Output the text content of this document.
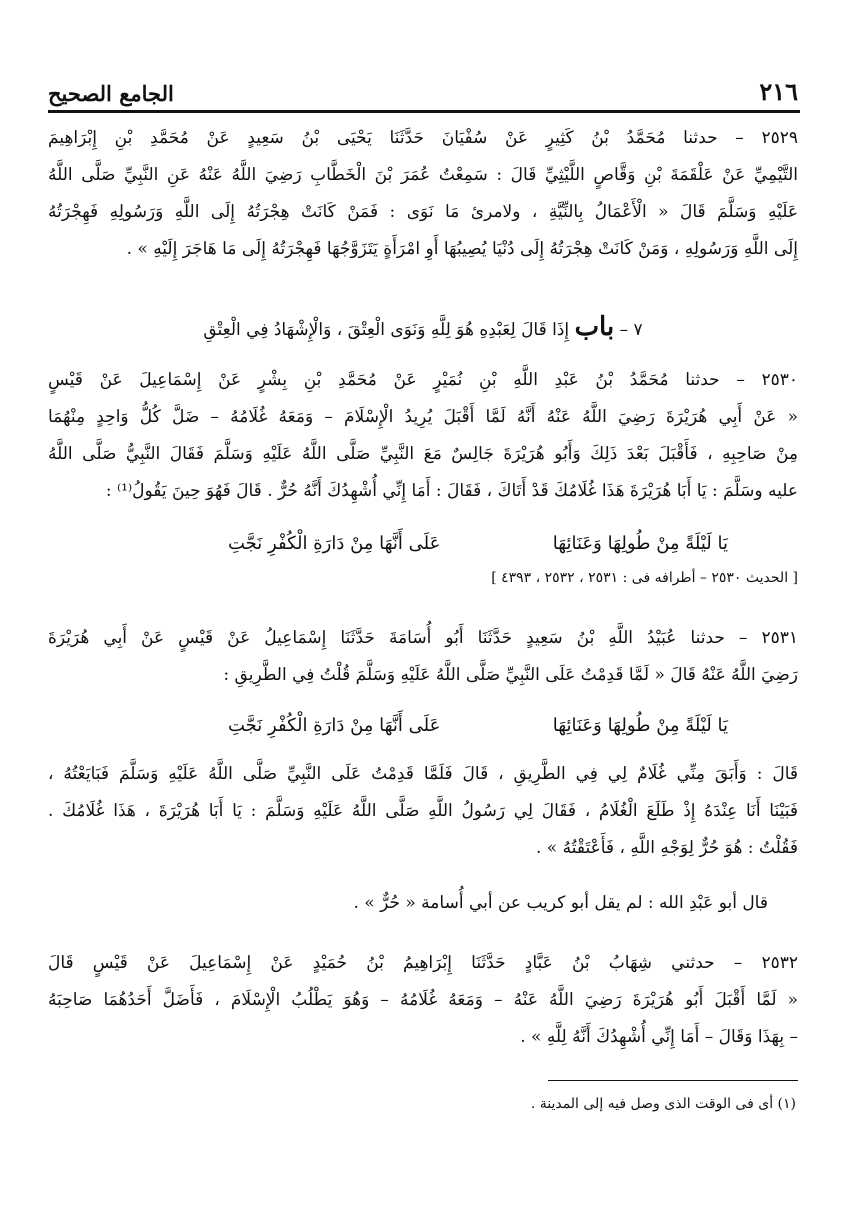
٢١٦
الجامع الصحيح
٢٥٢٩ – حدثنا مُحَمَّدُ بْنُ كَثِيرٍ عَنْ سُفْيَانَ حَدَّثَنَا يَحْيَى بْنُ سَعِيدٍ عَنْ مُحَمَّدِ بْنِ إِبْرَاهِيمَ
التَّيْمِيِّ عَنْ عَلْقَمَةَ بْنِ وَقَّاصٍ اللَّيْثِيِّ قَالَ : سَمِعْتُ عُمَرَ بْنَ الْخَطَّابِ رَضِيَ اللَّهُ عَنْهُ عَنِ النَّبِيِّ صَلَّى اللَّهُ
عَلَيْهِ وَسَلَّمَ قَالَ « الْأَعْمَالُ بِالنِّيَّةِ ، ولامرئ مَا نَوَى : فَمَنْ كَانَتْ هِجْرَتُهُ إِلَى اللَّهِ وَرَسُولِهِ فَهِجْرَتُهُ
إِلَى اللَّهِ وَرَسُولِهِ ، وَمَنْ كَانَتْ هِجْرَتُهُ إِلَى دُنْيَا يُصِيبُهَا أَوِ امْرَأَةٍ يَتَزَوَّجُهَا فَهِجْرَتُهُ إِلَى مَا هَاجَرَ إِلَيْهِ » .
٧ – باب إِذَا قَالَ لِعَبْدِهِ هُوَ لِلَّهِ وَنَوَى الْعِتْقَ ، وَالْإِشْهَادُ فِي الْعِتْقِ
٢٥٣٠ – حدثنا مُحَمَّدُ بْنُ عَبْدِ اللَّهِ بْنِ نُمَيْرٍ عَنْ مُحَمَّدِ بْنِ بِشْرٍ عَنْ إِسْمَاعِيلَ عَنْ قَيْسٍ
« عَنْ أَبِي هُرَيْرَةَ رَضِيَ اللَّهُ عَنْهُ أَنَّهُ لَمَّا أَقْبَلَ يُرِيدُ الْإِسْلَامَ – وَمَعَهُ غُلَامُهُ – ضَلَّ كُلُّ وَاحِدٍ مِنْهُمَا
مِنْ صَاحِبِهِ ، فَأَقْبَلَ بَعْدَ ذَلِكَ وَأَبُو هُرَيْرَةَ جَالِسٌ مَعَ النَّبِيِّ صَلَّى اللَّهُ عَلَيْهِ وَسَلَّمَ فَقَالَ النَّبِيُّ صَلَّى اللَّهُ
عليه وسَلَّمَ : يَا أَبَا هُرَيْرَةَ هَذَا غُلَامُكَ قَدْ أَتَاكَ ، فَقَالَ : أَمَا إِنِّي أُشْهِدُكَ أَنَّهُ حُرٌّ . قَالَ فَهُوَ حِينَ يَقُولُ⁽¹⁾ :
يَا لَيْلَةً مِنْ طُولِهَا وَعَنَائِهَا
عَلَى أَنَّهَا مِنْ دَارَةِ الْكُفْرِ نَجَّتِ
[ الحديث ٢٥٣٠ – أطرافه فى : ٢٥٣١ ، ٢٥٣٢ ، ٤٣٩٣ ]
٢٥٣١ – حدثنا عُبَيْدُ اللَّهِ بْنُ سَعِيدٍ حَدَّثَنَا أَبُو أُسَامَةَ حَدَّثَنَا إِسْمَاعِيلُ عَنْ قَيْسٍ عَنْ أَبِي هُرَيْرَةَ
رَضِيَ اللَّهُ عَنْهُ قَالَ « لَمَّا قَدِمْتُ عَلَى النَّبِيِّ صَلَّى اللَّهُ عَلَيْهِ وَسَلَّمَ قُلْتُ فِي الطَّرِيقِ :
يَا لَيْلَةً مِنْ طُولِهَا وَعَنَائِهَا
عَلَى أَنَّهَا مِنْ دَارَةِ الْكُفْرِ نَجَّتِ
قَالَ : وَأَبَقَ مِنِّي غُلَامٌ لِي فِي الطَّرِيقِ ، قَالَ فَلَمَّا قَدِمْتُ عَلَى النَّبِيِّ صَلَّى اللَّهُ عَلَيْهِ وَسَلَّمَ فَبَايَعْتُهُ ،
فَبَيْنَا أَنَا عِنْدَهُ إِذْ طَلَعَ الْغُلَامُ ، فَقَالَ لِي رَسُولُ اللَّهِ صَلَّى اللَّهُ عَلَيْهِ وَسَلَّمَ : يَا أَبَا هُرَيْرَةَ ، هَذَا غُلَامُكَ .
فَقُلْتُ : هُوَ حُرٌّ لِوَجْهِ اللَّهِ ، فَأَعْتَقْتُهُ » .
قال أبو عَبْدِ الله : لم يقل أبو كريب عن أبي أُسامة « حُرٌّ » .
٢٥٣٢ – حدثني شِهَابُ بْنُ عَبَّادٍ حَدَّثَنَا إِبْرَاهِيمُ بْنُ حُمَيْدٍ عَنْ إِسْمَاعِيلَ عَنْ قَيْسٍ قَالَ
« لَمَّا أَقْبَلَ أَبُو هُرَيْرَةَ رَضِيَ اللَّهُ عَنْهُ – وَمَعَهُ غُلَامُهُ – وَهُوَ يَطْلُبُ الْإِسْلَامَ ، فَأَضَلَّ أَحَدُهُمَا صَاحِبَهُ
– بِهَذَا وَقَالَ – أَمَا إِنِّي أُشْهِدُكَ أَنَّهُ لِلَّهِ » .
(١) أى فى الوقت الذى وصل فيه إلى المدينة .
